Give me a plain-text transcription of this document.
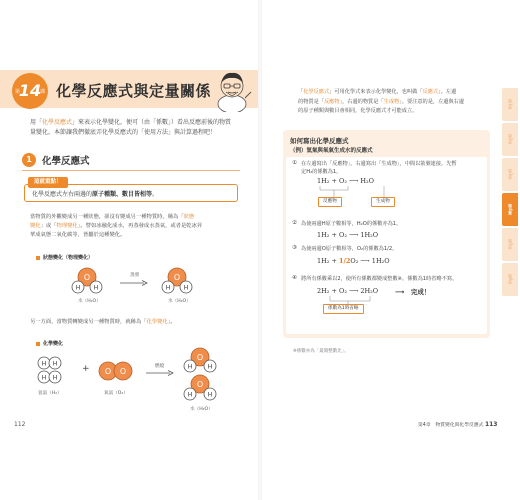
第
14
課 化學反應式與定量關係
用「化學反應式」來表示化學變化，便可（由「係數」）看出反應前後的物質量變化。本節讓我們徹底弄化學反應式的「使用方法」與計算過程吧！
1	化學反應式
這就重點！
化學反應式左右兩邊的原子種類、數目皆相等。
當物質的外觀變成另一種狀態，卻沒有變成另一種物質時，稱為「狀態
變化」或「物理變化」。譬如冰融化成水，再蒸發成水蒸氣，或者是乾冰昇
華成氣態二氧化碳等，皆屬於這種變化。
狀態變化（物理變化）
O
H H
水（H₂O）
蒸發	O
H H
水（H₂O）
另一方面，當物質轉變成另一種物質時，就稱為「化學變化」。
化學變化
H H
H H
氫氣（H₂）
+ O O
氧氣（O₂）
燃燒
O
H	H
O
H	H
水（H₂O）
112
「化學反應式」可用化學式來表示化學變化，也叫做「反應式」。左邊
的物質是「反應物」，右邊的物質是「生成物」。要注意的是，左邊與右邊
的原子種類與數目會相同，化學反應式才可能成立。
如何寫出化學反應式
（例）氫氣與氧氣生成水的反應式
① 在左邊寫出「反應物」，右邊寫出「生成物」，中間以箭號連接。先暫
定H₂的係數為1。
1H₂ + O₂ ⟶ H₂O
反應物	生成物
② 為使兩邊H原子數相等，H₂O的係數亦為1。
1H₂ + O₂ ⟶ 1H₂O
③ 為使兩邊O原子數相等，O₂的係數為1/2。
1H₂ + 1/2O₂ ⟶ 1H₂O
④ 將所有係數乘以2，使所有係數都變成整數※。係數為1時省略不寫。
2H₂ + O₂ ⟶ 2H₂O	⟶　完成！
係數為1時省略
※係數亦為「最簡整數比」。
第1章
第2章
第3章
第4章
第5章
第6章
第4章　物質變化與化學反應式 113
